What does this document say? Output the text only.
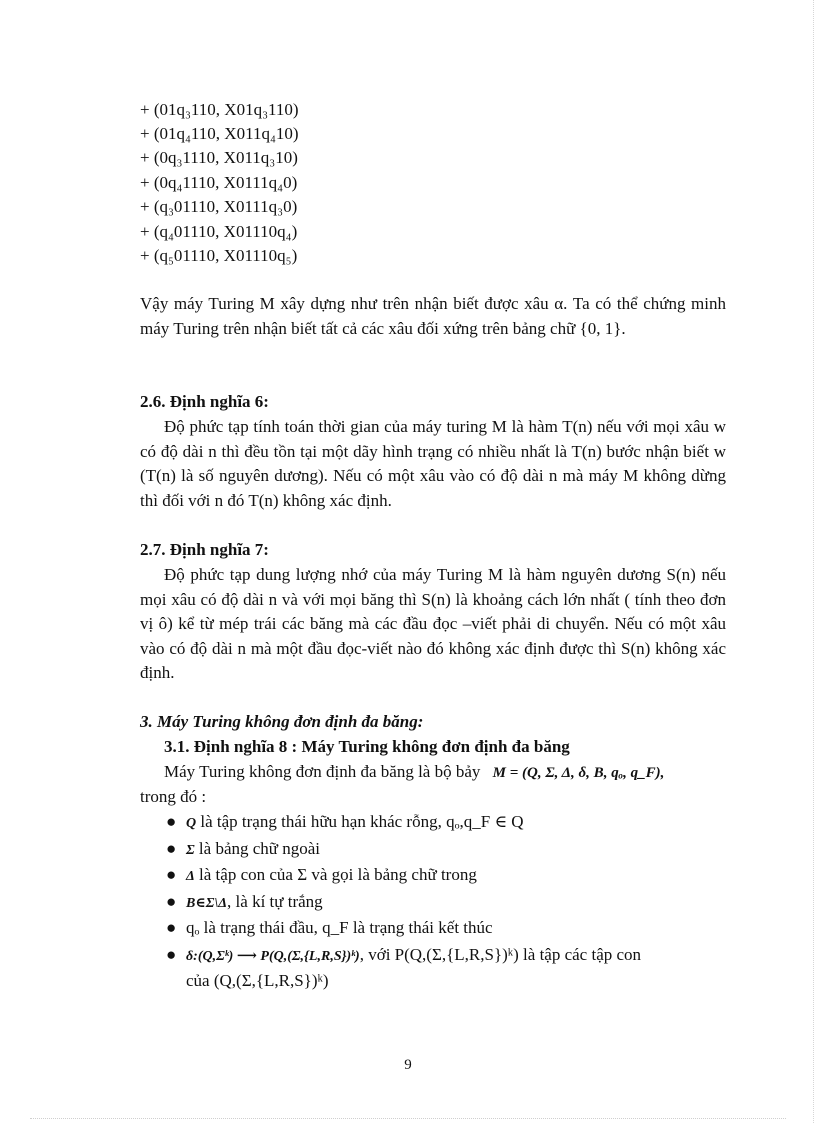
+ (01q₃110, X01q₃110)
+ (01q₄110, X011q₄10)
+ (0q₃1110, X011q₃10)
+ (0q₄1110, X0111q₄0)
+ (q₃01110, X0111q₃0)
+ (q₄01110, X01110q₄)
+ (q₅01110, X01110q₅)
Vậy máy Turing M xây dựng như trên nhận biết được xâu α. Ta có thể chứng minh máy Turing trên nhận biết tất cả các xâu đối xứng trên bảng chữ {0, 1}.
2.6. Định nghĩa 6:
Độ phức tạp tính toán thời gian của máy turing M là hàm T(n) nếu với mọi xâu w có độ dài n thì đều tồn tại một dãy hình trạng có nhiều nhất là T(n) bước nhận biết w (T(n) là số nguyên dương). Nếu có một xâu vào có độ dài n mà máy M không dừng thì đối với n đó T(n) không xác định.
2.7. Định nghĩa 7:
Độ phức tạp dung lượng nhớ của máy Turing M là hàm nguyên dương S(n) nếu mọi xâu có độ dài n và với mọi băng thì S(n) là khoảng cách lớn nhất ( tính theo đơn vị ô) kể từ mép trái các băng mà các đầu đọc –viết phải di chuyển. Nếu có một xâu vào có độ dài n mà một đầu đọc-viết nào đó không xác định được thì S(n) không xác định.
3. Máy Turing không đơn định đa băng:
3.1. Định nghĩa 8 : Máy Turing không đơn định đa băng
Máy Turing không đơn định đa băng là bộ bảy M = (Q, Σ, Δ, δ, B, qₒ, q_F),
trong đó :
● Q là tập trạng thái hữu hạn khác rỗng, qₒ,q_F ∈ Q
● Σ là bảng chữ ngoài
● Δ là tập con của Σ và gọi là bảng chữ trong
● B∈Σ\Δ, là kí tự trắng
● qₒ là trạng thái đầu, q_F là trạng thái kết thúc
● δ:(Q,Σᵏ) ⟶ P(Q,(Σ,{L,R,S})ᵏ), với P(Q,(Σ,{L,R,S})ᵏ) là tập các tập con
của (Q,(Σ,{L,R,S})ᵏ)
9
